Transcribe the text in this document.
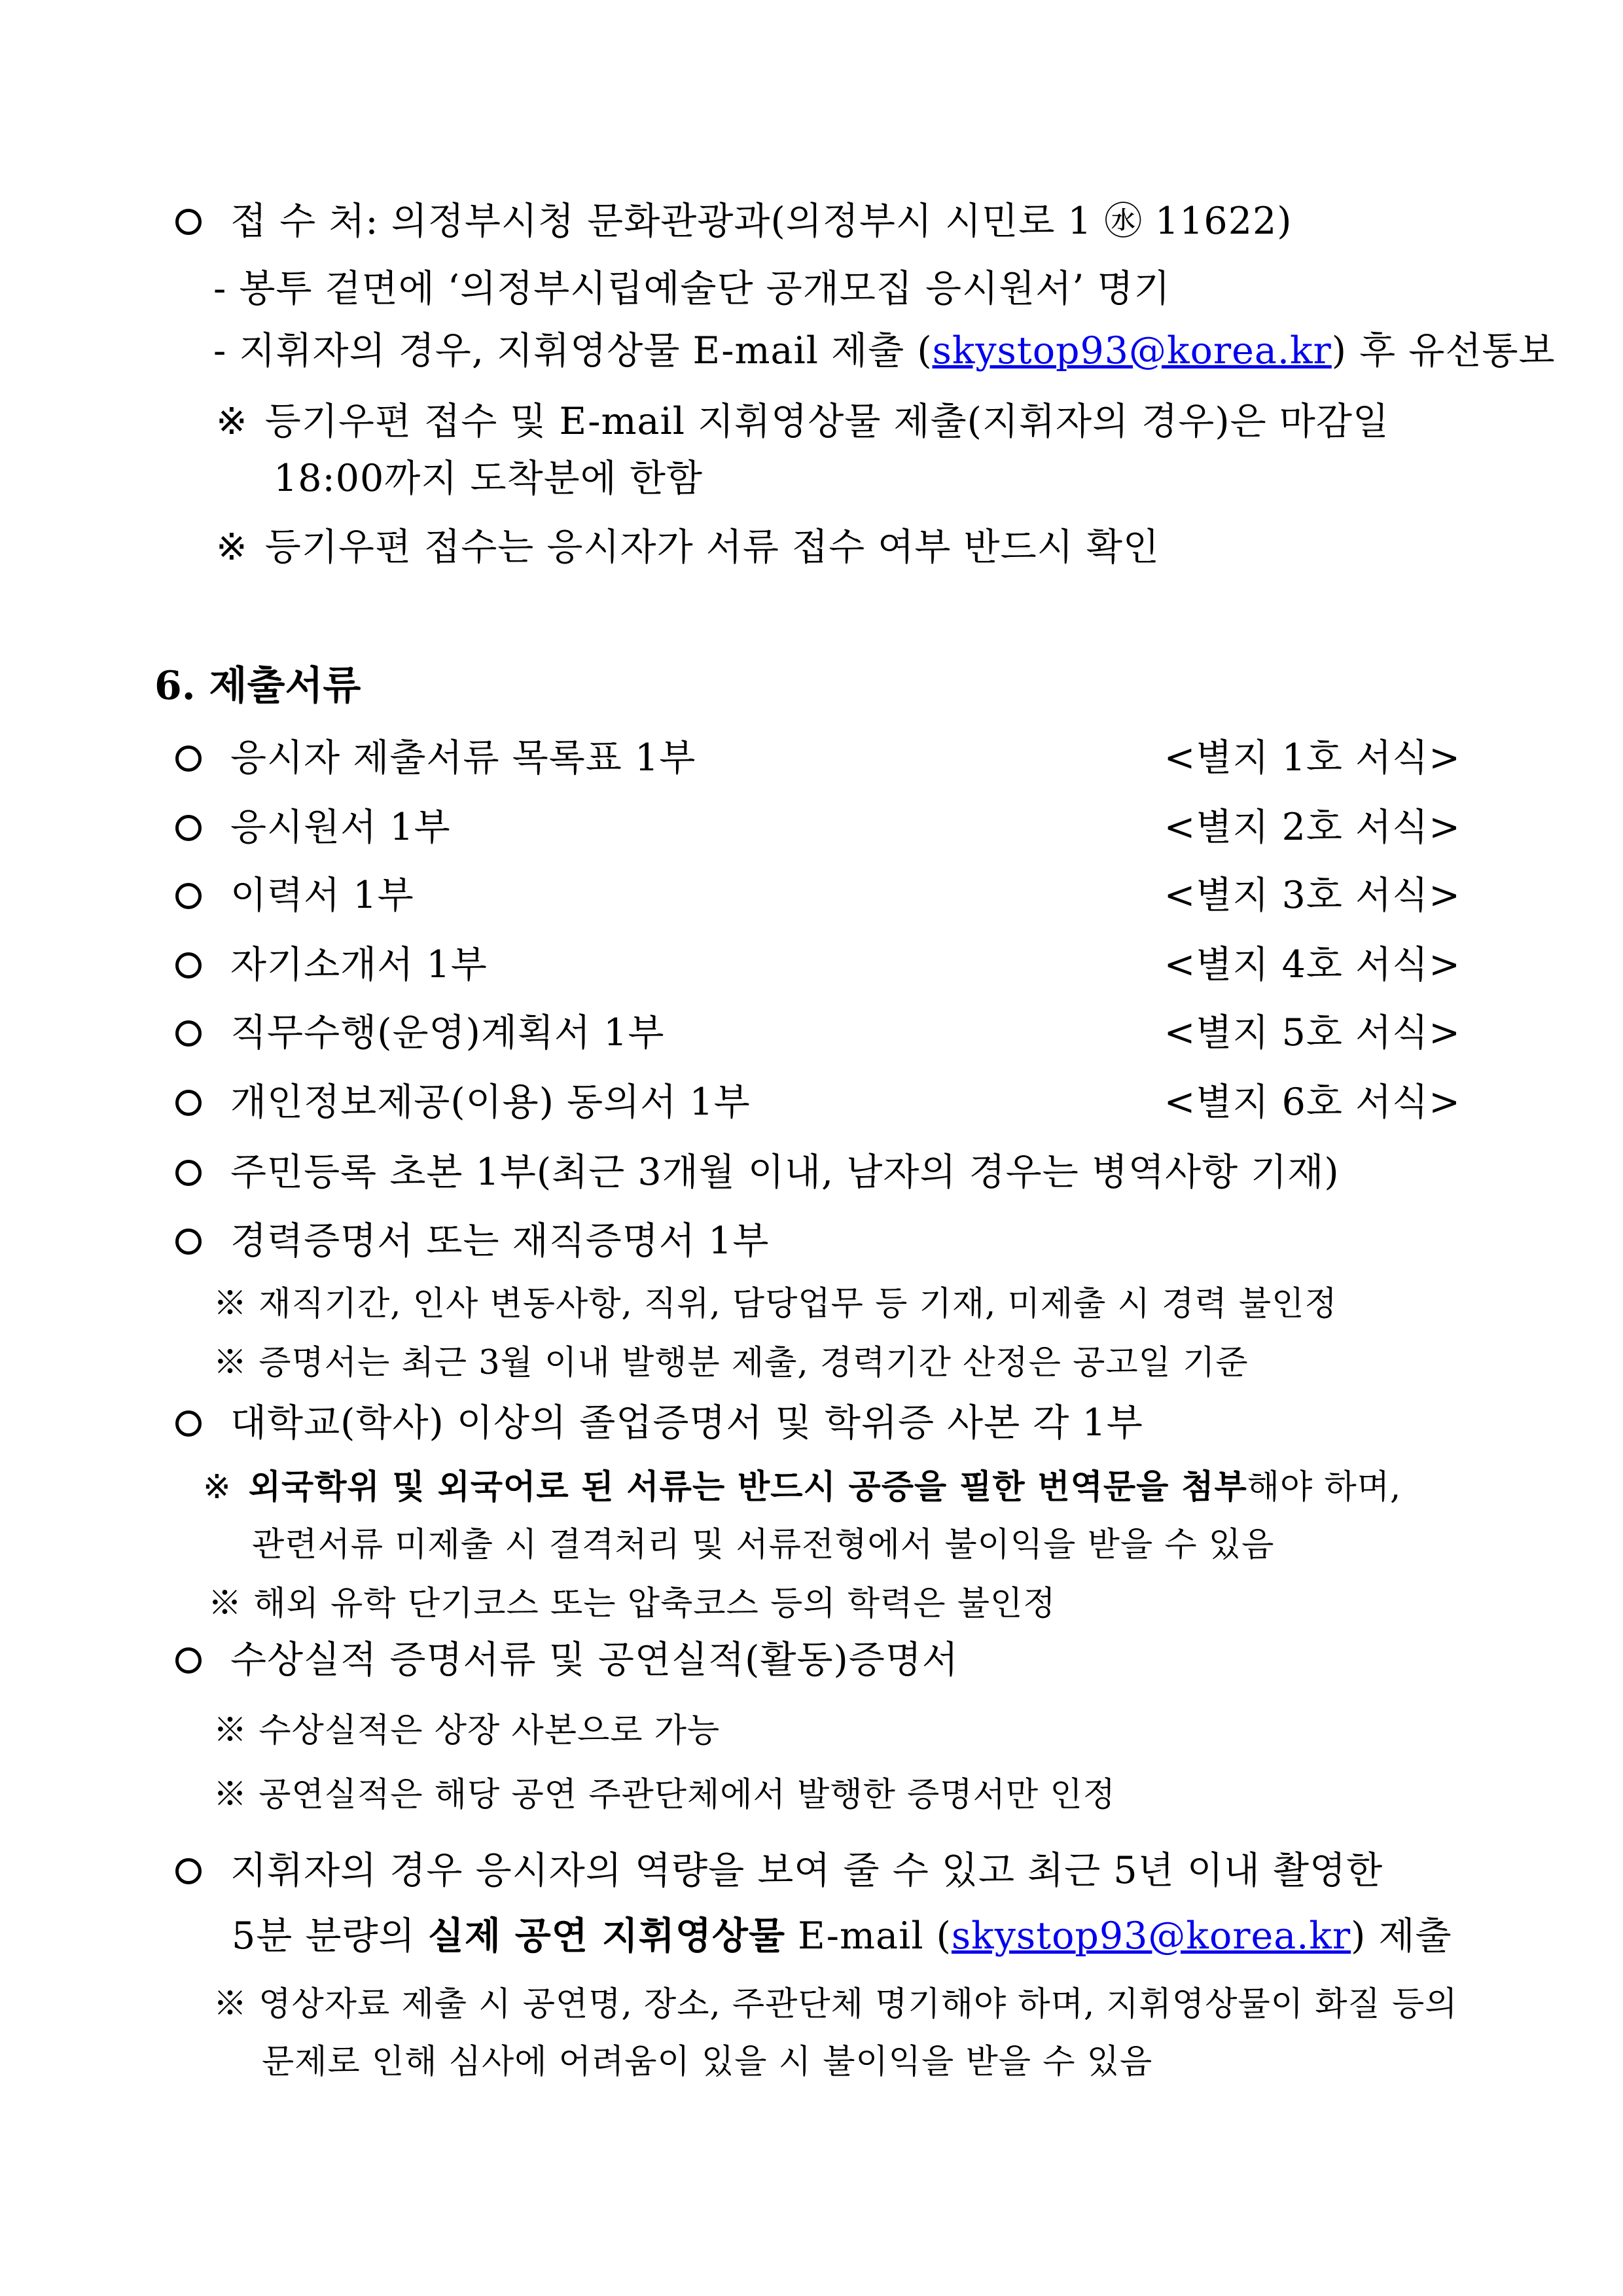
접 수 처: 의정부시청 문화관광과(의정부시 시민로 1 ㊌ 11622)
- 봉투 겉면에 ‘의정부시립예술단 공개모집 응시원서’ 명기
- 지휘자의 경우, 지휘영상물 E-mail 제출 (skystop93@korea.kr) 후 유선통보
※ 등기우편 접수 및 E-mail 지휘영상물 제출(지휘자의 경우)은 마감일
18:00까지 도착분에 한함
※ 등기우편 접수는 응시자가 서류 접수 여부 반드시 확인
6. 제출서류
응시자 제출서류 목록표 1부	<별지 1호 서식>
응시원서 1부	<별지 2호 서식>
이력서 1부	<별지 3호 서식>
자기소개서 1부	<별지 4호 서식>
직무수행(운영)계획서 1부	<별지 5호 서식>
개인정보제공(이용) 동의서 1부	<별지 6호 서식>
주민등록 초본 1부(최근 3개월 이내, 남자의 경우는 병역사항 기재)
경력증명서 또는 재직증명서 1부
※ 재직기간, 인사 변동사항, 직위, 담당업무 등 기재, 미제출 시 경력 불인정
※ 증명서는 최근 3월 이내 발행분 제출, 경력기간 산정은 공고일 기준
대학교(학사) 이상의 졸업증명서 및 학위증 사본 각 1부
※ 외국학위 및 외국어로 된 서류는 반드시 공증을 필한 번역문을 첨부해야 하며,
관련서류 미제출 시 결격처리 및 서류전형에서 불이익을 받을 수 있음
※ 해외 유학 단기코스 또는 압축코스 등의 학력은 불인정
수상실적 증명서류 및 공연실적(활동)증명서
※ 수상실적은 상장 사본으로 가능
※ 공연실적은 해당 공연 주관단체에서 발행한 증명서만 인정
지휘자의 경우 응시자의 역량을 보여 줄 수 있고 최근 5년 이내 촬영한
5분 분량의 실제 공연 지휘영상물 E-mail (skystop93@korea.kr) 제출
※ 영상자료 제출 시 공연명, 장소, 주관단체 명기해야 하며, 지휘영상물이 화질 등의
문제로 인해 심사에 어려움이 있을 시 불이익을 받을 수 있음
